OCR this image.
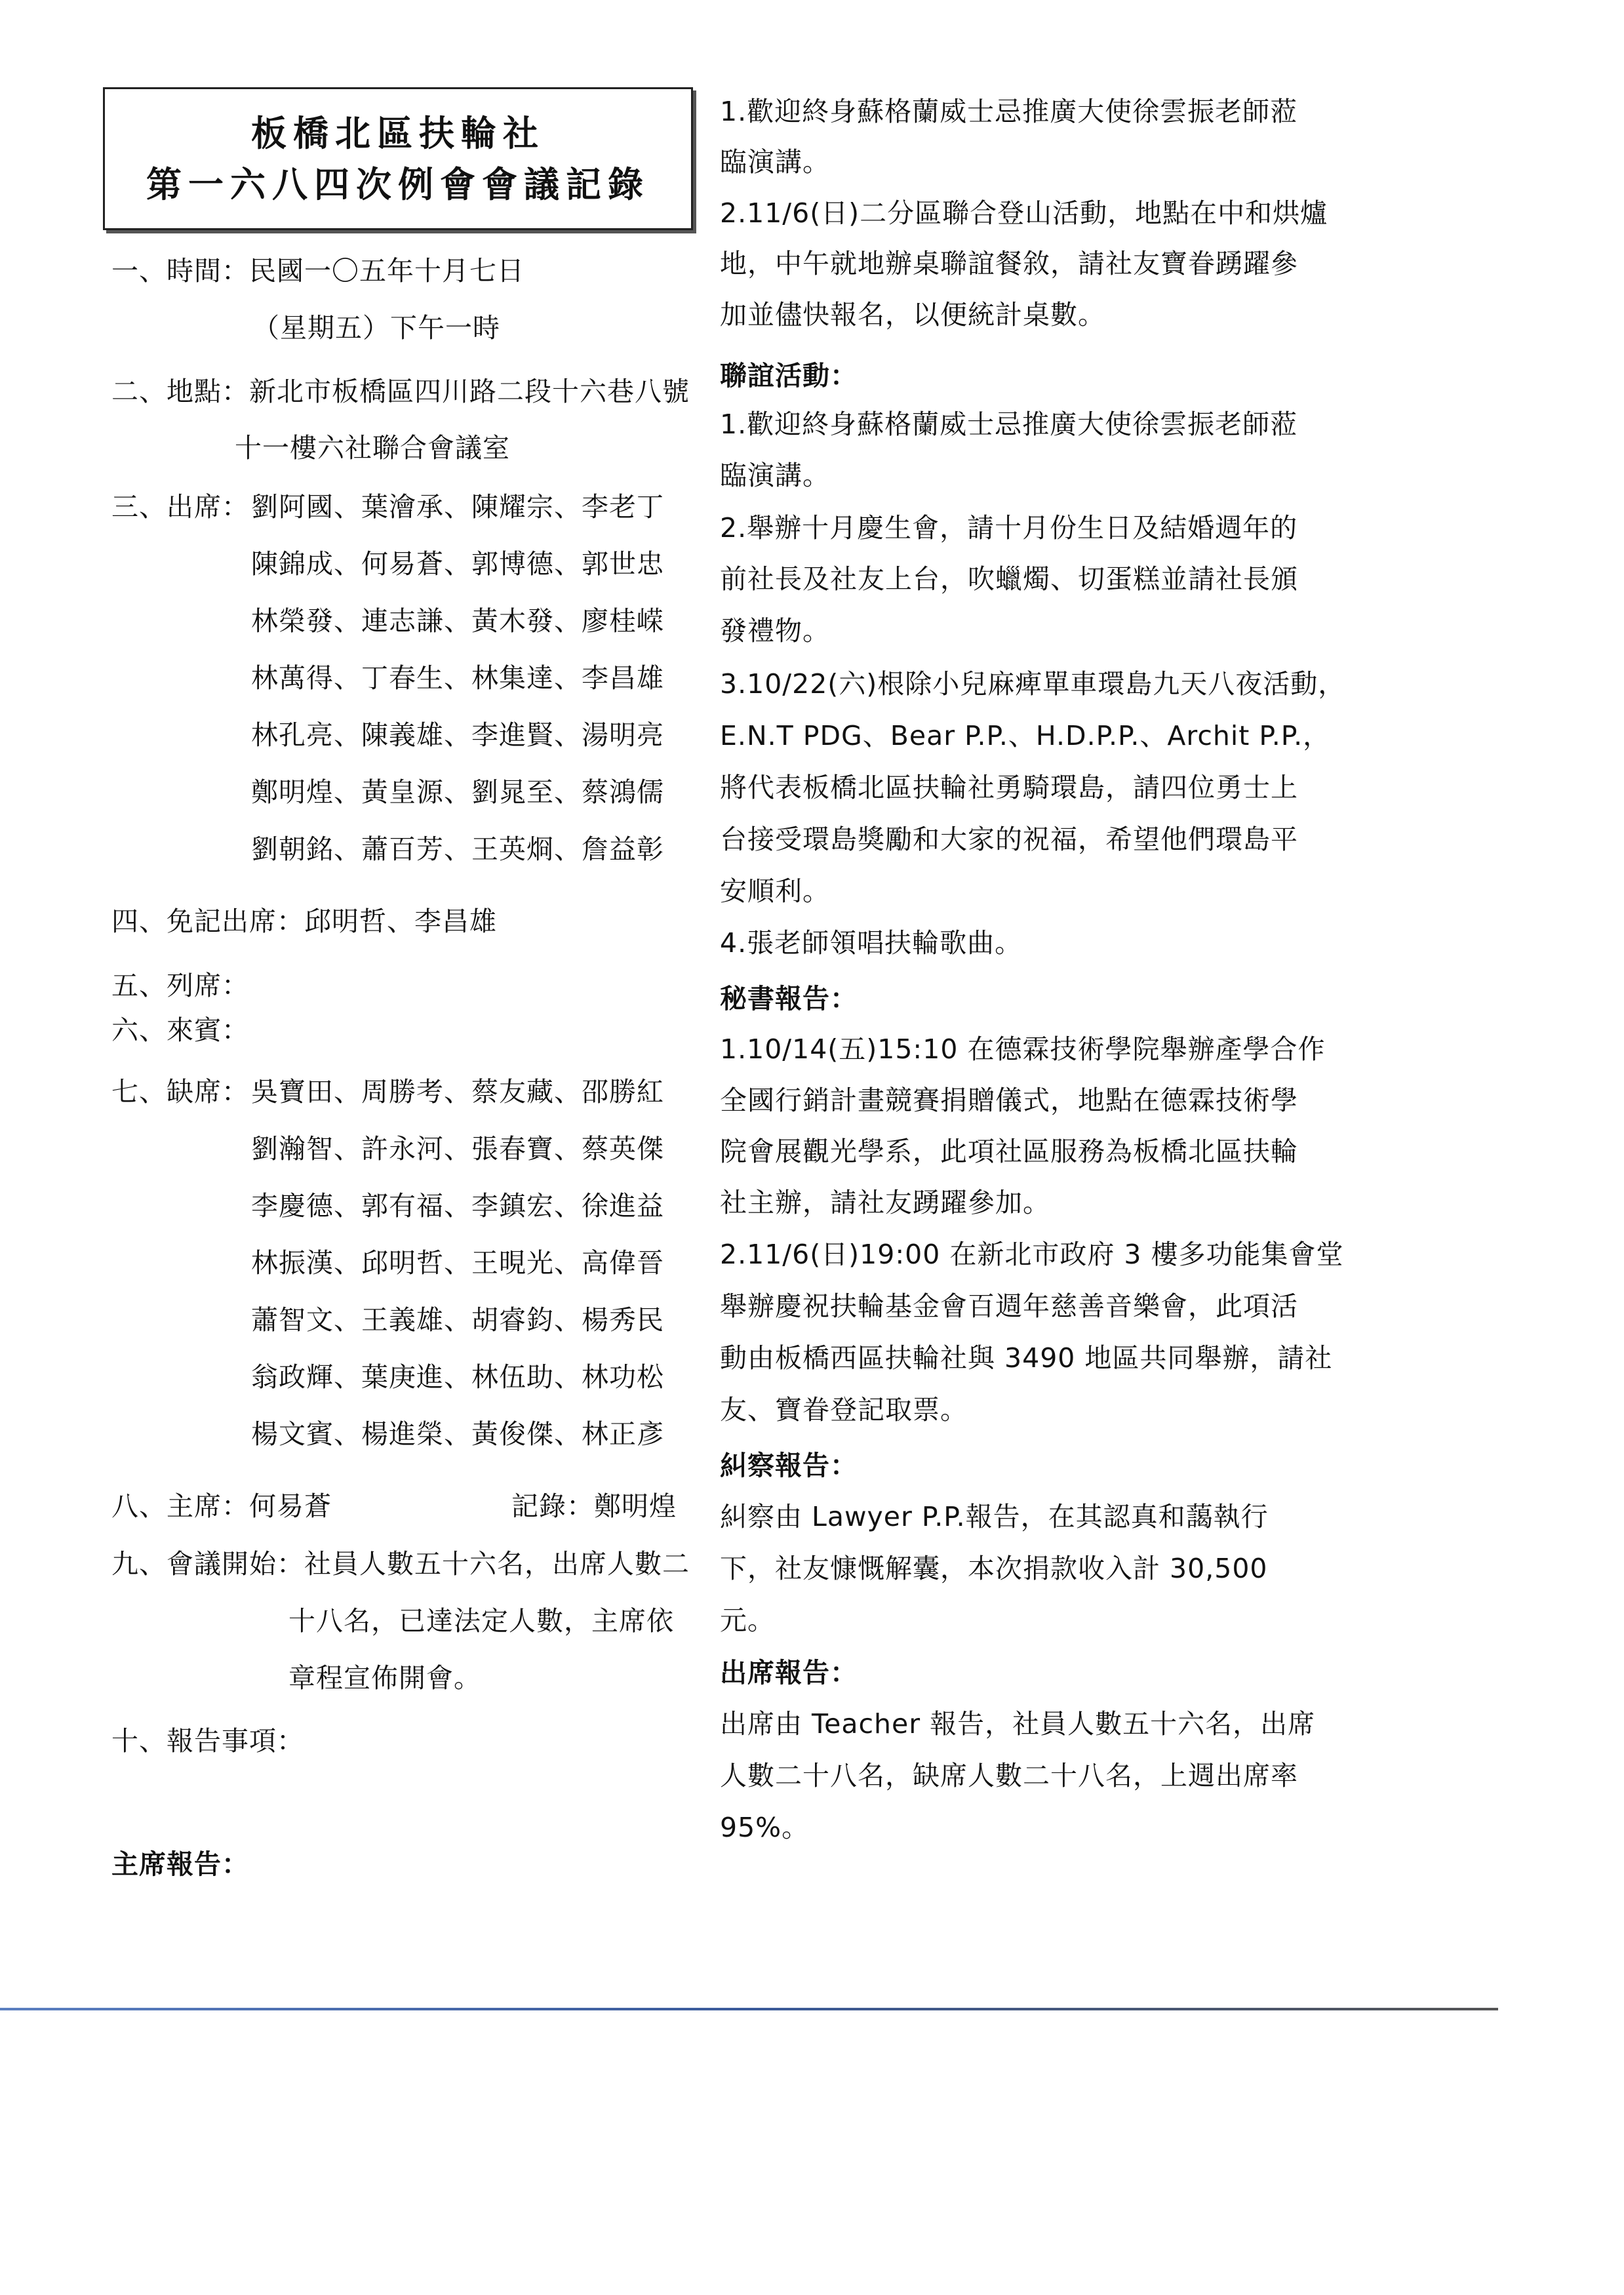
板橋北區扶輪社
第一六八四次例會會議記錄
一、時間：民國一〇五年十月七日
（星期五）下午一時
二、地點：新北市板橋區四川路二段十六巷八號
十一樓六社聯合會議室
三、出席： 劉阿國、葉澮承、陳耀宗、李老丁
陳錦成、何易蒼、郭博德、郭世忠
林榮發、連志謙、黃木發、廖桂嵘
林萬得、丁春生、林集達、李昌雄
林孔亮、陳義雄、李進賢、湯明亮
鄭明煌、黃皇源、劉晁至、蔡鴻儒
劉朝銘、蕭百芳、王英烱、詹益彰
四、免記出席：邱明哲、李昌雄
五、列席：
六、來賓：
七、缺席： 吳寶田、周勝考、蔡友藏、邵勝紅
劉瀚智、許永河、張春寶、蔡英傑
李慶德、郭有福、李鎮宏、徐進益
林振漢、邱明哲、王晛光、高偉晉
蕭智文、王義雄、胡睿鈞、楊秀民
翁政輝、葉庚進、林伍助、林功松
楊文賓、楊進榮、黃俊傑、林正彥
八、主席：何易蒼	記錄：鄭明煌
九、會議開始：社員人數五十六名，出席人數二
十八名，已達法定人數，主席依
章程宣佈開會。
十、報告事項：
主席報告：
1.歡迎終身蘇格蘭威士忌推廣大使徐雲振老師蒞
臨演講。
2.11/6(日)二分區聯合登山活動，地點在中和烘爐
地，中午就地辦桌聯誼餐敘，請社友寶眷踴躍參
加並儘快報名，以便統計桌數。
聯誼活動：
1.歡迎終身蘇格蘭威士忌推廣大使徐雲振老師蒞
臨演講。
2.舉辦十月慶生會，請十月份生日及結婚週年的
前社長及社友上台，吹蠟燭、切蛋糕並請社長頒
發禮物。
3.10/22(六)根除小兒麻痺單車環島九天八夜活動，
E.N.T PDG、Bear P.P.、H.D.P.P.、Archit P.P.，
將代表板橋北區扶輪社勇騎環島，請四位勇士上
台接受環島獎勵和大家的祝福，希望他們環島平
安順利。
4.張老師領唱扶輪歌曲。
秘書報告：
1.10/14(五)15:10 在德霖技術學院舉辦產學合作
全國行銷計畫競賽捐贈儀式，地點在德霖技術學
院會展觀光學系，此項社區服務為板橋北區扶輪
社主辦，請社友踴躍參加。
2.11/6(日)19:00 在新北市政府 3 樓多功能集會堂
舉辦慶祝扶輪基金會百週年慈善音樂會，此項活
動由板橋西區扶輪社與 3490 地區共同舉辦，請社
友、寶眷登記取票。
糾察報告：
糾察由 Lawyer P.P.報告，在其認真和藹執行
下，社友慷慨解囊，本次捐款收入計 30,500
元。
出席報告：
出席由 Teacher 報告，社員人數五十六名，出席
人數二十八名，缺席人數二十八名，上週出席率
95%。
